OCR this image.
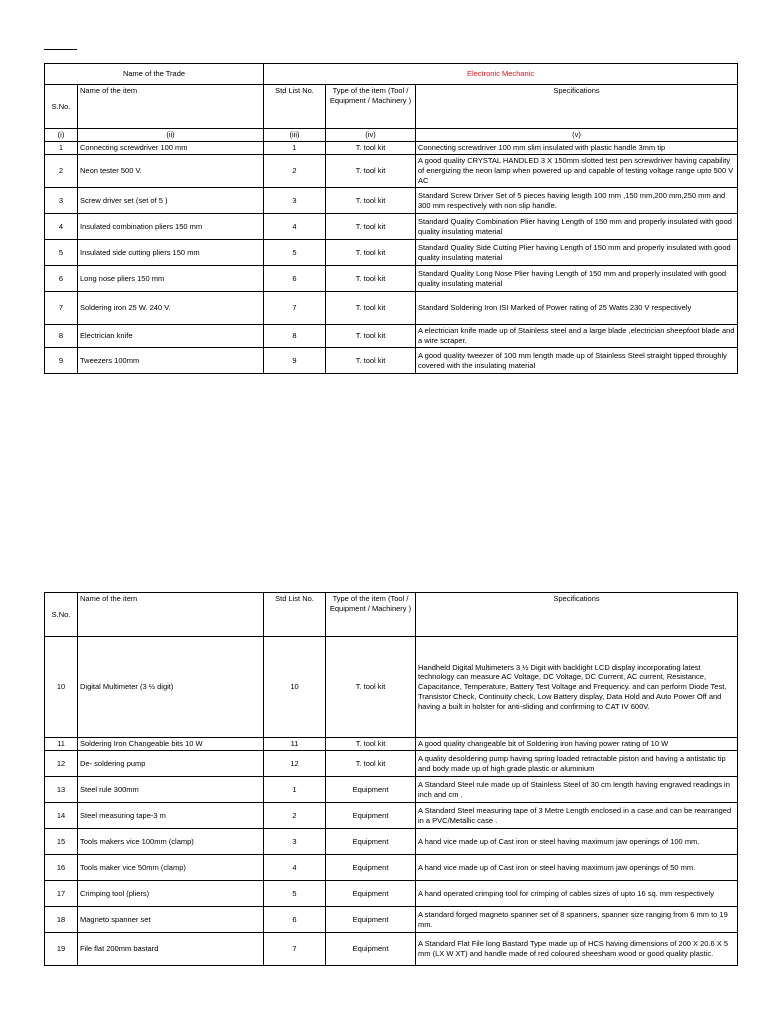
Name of the Trade		Electronic Mechanic		
S.No.	Name of the item	Std List No.	Type of the item (Tool / Equipment / Machinery )	Specifications
(i)	(ii)	(iii)	(iv)	(v)
1	Connecting screwdriver 100 mm	1	T. tool kit	Connecting screwdriver 100 mm slim insulated with plastic handle 3mm tip
2	Neon tester 500 V.	2	T. tool kit	A good quality CRYSTAL HANDLED 3 X 150mm slotted test pen screwdriver having capability of energizing the neon lamp when powered up and capable of testing voltage range upto 500 V AC
3	Screw driver set (set of 5 )	3	T. tool kit	Standard Screw Driver Set of 5 pieces having length 100 mm ,150 mm,200 mm,250 mm and 300 mm respectively with non slip handle.
4	Insulated combination pliers 150 mm	4	T. tool kit	Standard Quality Combination Plier having Length of 150 mm and properly insulated with good quality insulating material
5	Insulated side cutting pliers 150 mm	5	T. tool kit	Standard Quality Side Cutting Plier having Length of 150 mm and properly insulated with good quality insulating material
6	Long nose pliers 150 mm	6	T. tool kit	Standard Quality Long Nose Plier having Length of 150 mm and properly insulated with good quality insulating material
7	Soldering iron 25 W. 240 V.	7	T. tool kit	Standard Soldering Iron ISI Marked of Power rating of 25 Watts 230 V respectively
8	Electrician knife	8	T. tool kit	A electrician knife made up of Stainless steel and a large blade ,electrician sheepfoot blade and a wire scraper.
9	Tweezers 100mm	9	T. tool kit	A good quality tweezer of 100 mm length made up of Stainless Steel straight tipped throughly covered with the insulating material
S.No.	Name of the item	Std List No.	Type of the item (Tool / Equipment / Machinery )	Specifications
10	Digital Multimeter (3 ½ digit)	10	T. tool kit	Handheld Digital Multimeters 3 ½ Digit with backlight LCD display incorporating latest technology can measure AC Voltage, DC Voltage, DC Current, AC current, Resistance, Capacitance, Temperature, Battery Test Voltage and Frequency. and can perform Diode Test, Transistor Check, Continuity check, Low Battery display, Data Hold and Auto Power Off and having a built in holster for anti-sliding and confirming to CAT IV 600V.
11	Soldering Iron Changeable bits 10 W	11	T. tool kit	A good quality changeable bit of Soldering iron having power rating of 10 W
12	De- soldering pump	12	T. tool kit	A quality desoldering pump having spring loaded retractable piston and having a antistatic tip and body made up of high grade plastic or aluminium
13	Steel rule 300mm	1	Equipment	A Standard Steel rule made up of Stainless Steel of 30 cm length having engraved readings in inch and cm .
14	Steel measuring tape-3 m	2	Equipment	A Standard Steel measuring tape of 3 Metre Length enclosed in a case and can be rearranged in a PVC/Metallic case .
15	Tools makers vice 100mm (clamp)	3	Equipment	A hand vice made up of Cast iron or steel having maximum jaw openings of 100 mm.
16	Tools maker vice 50mm (clamp)	4	Equipment	A hand vice made up of Cast iron or steel having maximum jaw openings of 50 mm.
17	Crimping tool (pliers)	5	Equipment	A hand operated crimping tool for crimping of cables sizes of upto 16 sq. mm respectively
18	Magneto spanner set	6	Equipment	A standard forged magneto spanner set of 8 spanners, spanner size ranging from 6 mm to 19 mm.
19	File flat 200mm bastard	7	Equipment	A Standard Flat File long Bastard Type made up of HCS having dimensions of 200 X 20.6 X 5 mm (LX W XT) and handle made of red coloured sheesham wood or good quality plastic.
